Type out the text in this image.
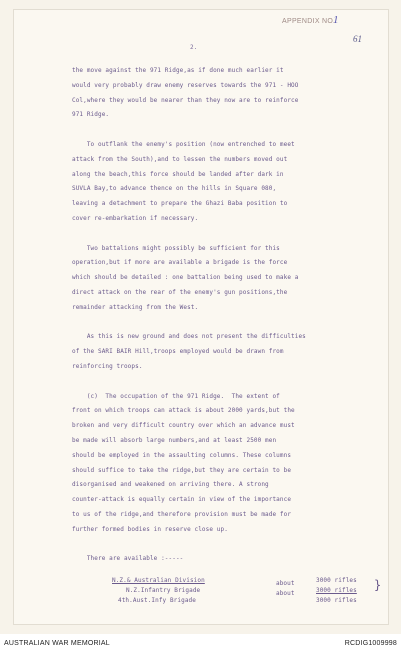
APPENDIX NO.
1
61
2.
the move against the 971 Ridge,as if done much earlier it
would very probably draw enemy reserves towards the 971 - HOO
Col,where they would be nearer than they now are to reinforce
971 Ridge.
To outflank the enemy's position (now entrenched to meet
attack from the South),and to lessen the numbers moved out
along the beach,this force should be landed after dark in
SUVLA Bay,to advance thence on the hills in Square 080,
leaving a detachment to prepare the Ghazi Baba position to
cover re-embarkation if necessary.
Two battalions might possibly be sufficient for this
operation,but if more are available a brigade is the force
which should be detailed : one battalion being used to make a
direct attack on the rear of the enemy's gun positions,the
remainder attacking from the West.
As this is new ground and does not present the difficulties
of the SARI BAIR Hill,troops employed would be drawn from
reinforcing troops.
(c)  The occupation of the 971 Ridge.  The extent of
front on which troops can attack is about 2000 yards,but the
broken and very difficult country over which an advance must
be made will absorb large numbers,and at least 2500 men
should be employed in the assaulting columns. These columns
should suffice to take the ridge,but they are certain to be
disorganised and weakened on arriving there. A strong
counter-attack is equally certain in view of the importance
to us of the ridge,and therefore provision must be made for
further formed bodies in reserve close up.
There are available :-----
N.Z.& Australian Division
N.Z.Infantry Brigade
4th.Aust.Infy Brigade
about
about
3000 rifles
3000 rifles
3000 rifles
}
AUSTRALIAN WAR MEMORIAL	RCDIG1009998
